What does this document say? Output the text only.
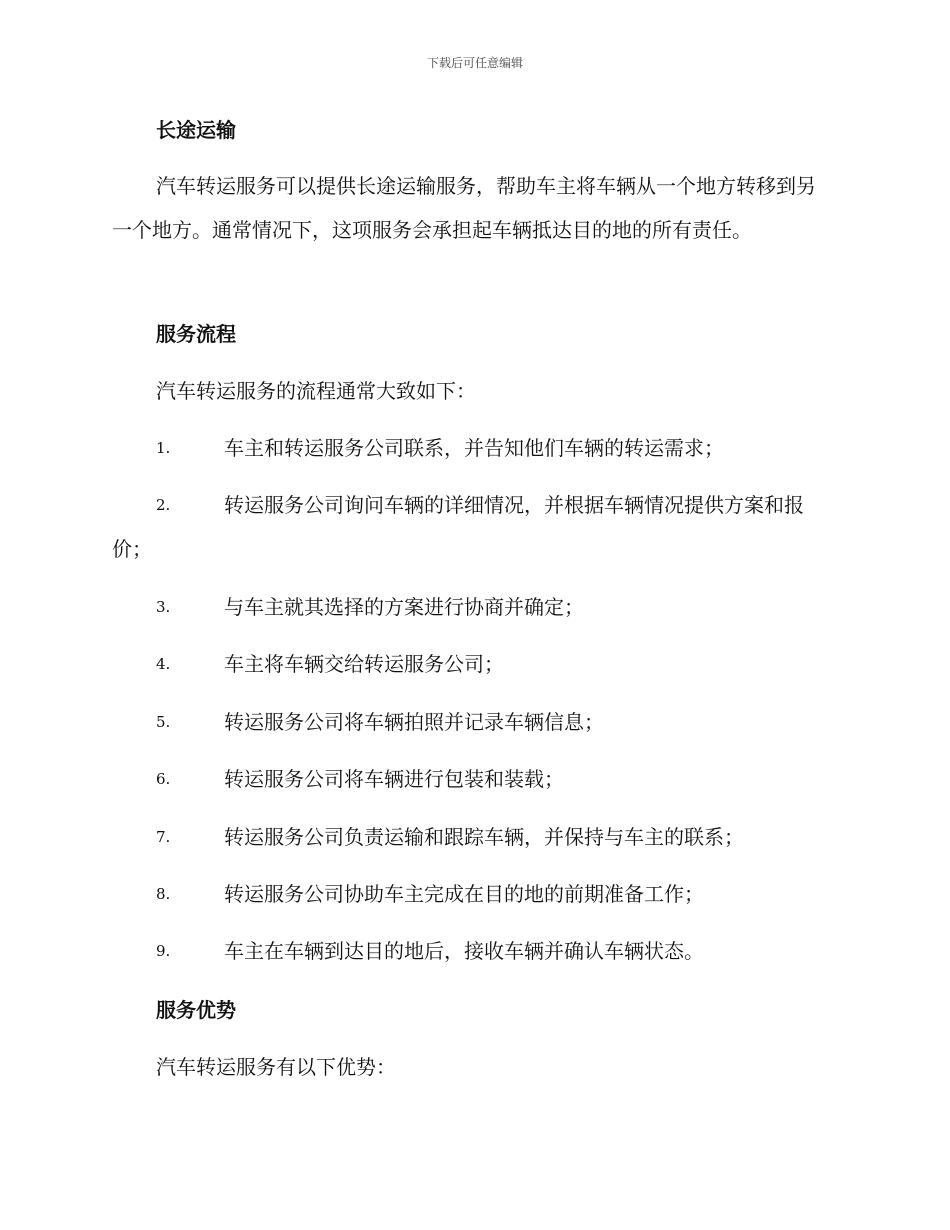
下载后可任意编辑
长途运输
汽车转运服务可以提供长途运输服务，帮助车主将车辆从一个地方转移到另一个地方。通常情况下，这项服务会承担起车辆抵达目的地的所有责任。
服务流程
汽车转运服务的流程通常大致如下：
1.	车主和转运服务公司联系，并告知他们车辆的转运需求；
2.	转运服务公司询问车辆的详细情况，并根据车辆情况提供方案和报价；
3.	与车主就其选择的方案进行协商并确定；
4.	车主将车辆交给转运服务公司；
5.	转运服务公司将车辆拍照并记录车辆信息；
6.	转运服务公司将车辆进行包装和装载；
7.	转运服务公司负责运输和跟踪车辆，并保持与车主的联系；
8.	转运服务公司协助车主完成在目的地的前期准备工作；
9.	车主在车辆到达目的地后，接收车辆并确认车辆状态。
服务优势
汽车转运服务有以下优势：
